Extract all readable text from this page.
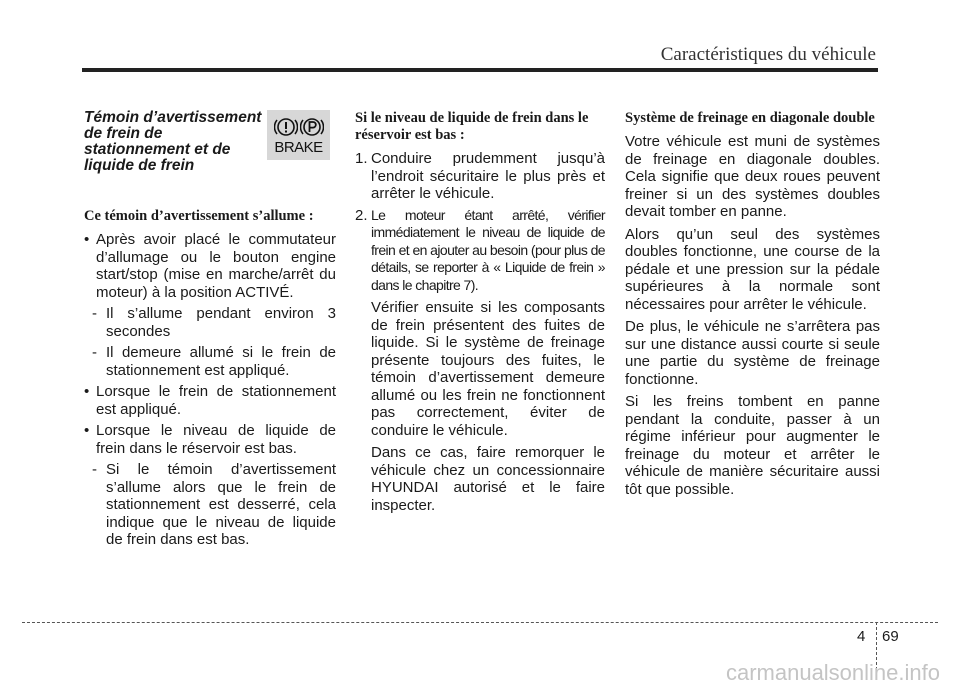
Caractéristiques du véhicule

Témoin d’avertissement de frein de stationnement et de liquide de frein

Ce témoin d’avertissement s’allume :

• Après avoir placé le commutateur d’allumage ou le bouton engine start/stop (mise en marche/arrêt du moteur) à la position ACTIVÉ.
- Il s’allume pendant environ 3 secondes
- Il demeure allumé si le frein de stationnement est appliqué.
• Lorsque le frein de stationnement est appliqué.
• Lorsque le niveau de liquide de frein dans le réservoir est bas.
- Si le témoin d’avertissement s’allume alors que le frein de stationnement est desserré, cela indique que le niveau de liquide de frein dans est bas.
BRAKE

Si le niveau de liquide de frein dans le réservoir est bas :

1. Conduire prudemment jusqu’à l’endroit sécuritaire le plus près et arrêter le véhicule.
2. Le moteur étant arrêté, vérifier immédiatement le niveau de liquide de frein et en ajouter au besoin (pour plus de détails, se reporter à « Liquide de frein » dans le chapitre 7).

Vérifier ensuite si les composants de frein présentent des fuites de liquide. Si le système de freinage présente toujours des fuites, le témoin d’avertissement demeure allumé ou les frein ne fonctionnent pas correctement, éviter de conduire le véhicule.

Dans ce cas, faire remorquer le véhicule chez un concessionnaire HYUNDAI autorisé et le faire inspecter.

Système de freinage en diagonale double

Votre véhicule est muni de systèmes de freinage en diagonale doubles. Cela signifie que deux roues peuvent freiner si un des systèmes doubles devait tomber en panne.

Alors qu’un seul des systèmes doubles fonctionne, une course de la pédale et une pression sur la pédale supérieures à la normale sont nécessaires pour arrêter le véhicule.

De plus, le véhicule ne s’arrêtera pas sur une distance aussi courte si seule une partie du système de freinage fonctionne.

Si les freins tombent en panne pendant la conduite, passer à un régime inférieur pour augmenter le freinage du moteur et arrêter le véhicule de manière sécuritaire aussi tôt que possible.

4 69
carmanualsonline.info
